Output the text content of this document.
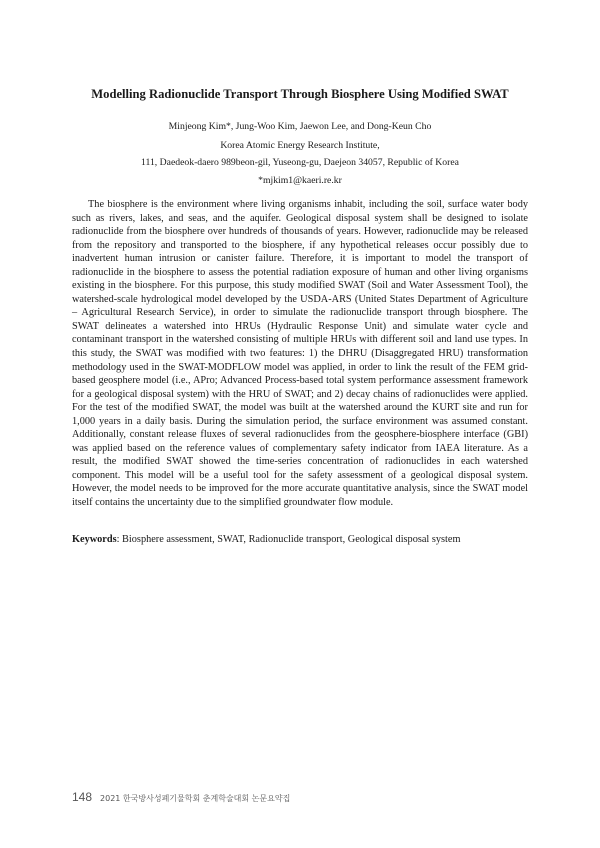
Modelling Radionuclide Transport Through Biosphere Using Modified SWAT
Minjeong Kim*, Jung-Woo Kim, Jaewon Lee, and Dong-Keun Cho
Korea Atomic Energy Research Institute,
111, Daedeok-daero 989beon-gil, Yuseong-gu, Daejeon 34057, Republic of Korea
*mjkim1@kaeri.re.kr

The biosphere is the environment where living organisms inhabit, including the soil, surface water body such as rivers, lakes, and seas, and the aquifer. Geological disposal system shall be designed to isolate radionuclide from the biosphere over hundreds of thousands of years. However, radionuclide may be released from the repository and transported to the biosphere, if any hypothetical releases occur possibly due to inadvertent human intrusion or canister failure. Therefore, it is important to model the transport of radionuclide in the biosphere to assess the potential radiation exposure of human and other living organisms existing in the biosphere. For this purpose, this study modified SWAT (Soil and Water Assessment Tool), the watershed-scale hydrological model developed by the USDA-ARS (United States Department of Agriculture – Agricultural Research Service), in order to simulate the radionuclide transport through biosphere. The SWAT delineates a watershed into HRUs (Hydraulic Response Unit) and simulate water cycle and contaminant transport in the watershed consisting of multiple HRUs with different soil and land use types. In this study, the SWAT was modified with two features: 1) the DHRU (Disaggregated HRU) transformation methodology used in the SWAT-MODFLOW model was applied, in order to link the result of the FEM grid-based geosphere model (i.e., APro; Advanced Process-based total system performance assessment framework for a geological disposal system) with the HRU of SWAT; and 2) decay chains of radionuclides were applied. For the test of the modified SWAT, the model was built at the watershed around the KURT site and run for 1,000 years in a daily basis. During the simulation period, the surface environment was assumed constant. Additionally, constant release fluxes of several radionuclides from the geosphere-biosphere interface (GBI) was applied based on the reference values of complementary safety indicator from IAEA literature. As a result, the modified SWAT showed the time-series concentration of radionuclides in each watershed component. This model will be a useful tool for the safety assessment of a geological disposal system. However, the model needs to be improved for the more accurate quantitative analysis, since the SWAT model itself contains the uncertainty due to the simplified groundwater flow module.

Keywords: Biosphere assessment, SWAT, Radionuclide transport, Geological disposal system

148 2021 한국방사성폐기물학회 춘계학술대회 논문요약집
